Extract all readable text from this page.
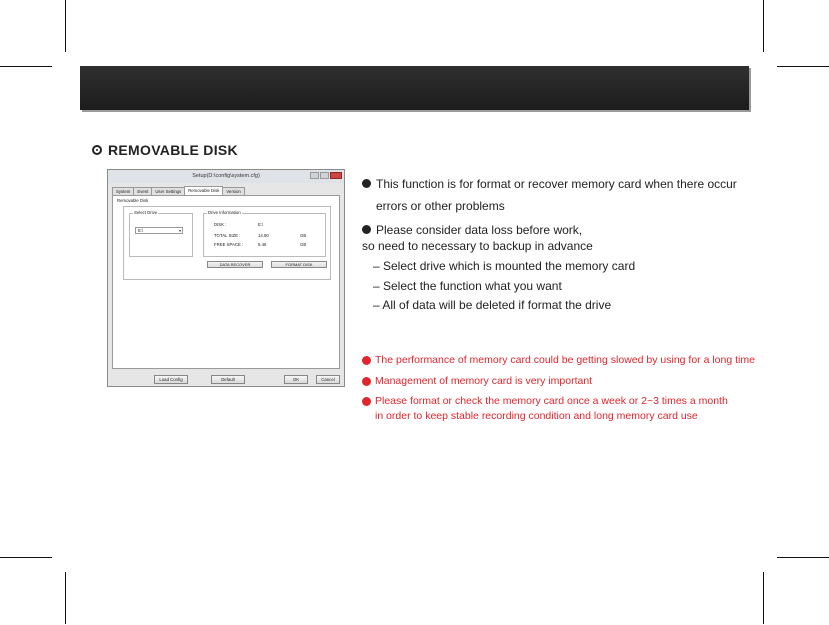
REMOVABLE DISK
Setup(D:\config\system.cfg)
System	Event	User Settings	Removable Disk	Version
Removable Disk
Select Drive
E:\	▾
Drive Information
DISK :	E:\
TOTAL SIZE :	14.90	GB
FREE SPACE :	5.46	GB
DATA RECOVER	FORMAT DISK
Load Config	Default	OK	Cancel
This function is for format or recover memory card when there occur
errors or other problems
Please consider data loss before work,
so need to necessary to backup in advance
– Select drive which is mounted the memory card
– Select the function what you want
– All of data will be deleted if format the drive
The performance of memory card could be getting slowed by using for a long time
Management of memory card is very important
Please format or check the memory card once a week or 2~3 times a month
in order to keep stable recording condition and long memory card use
